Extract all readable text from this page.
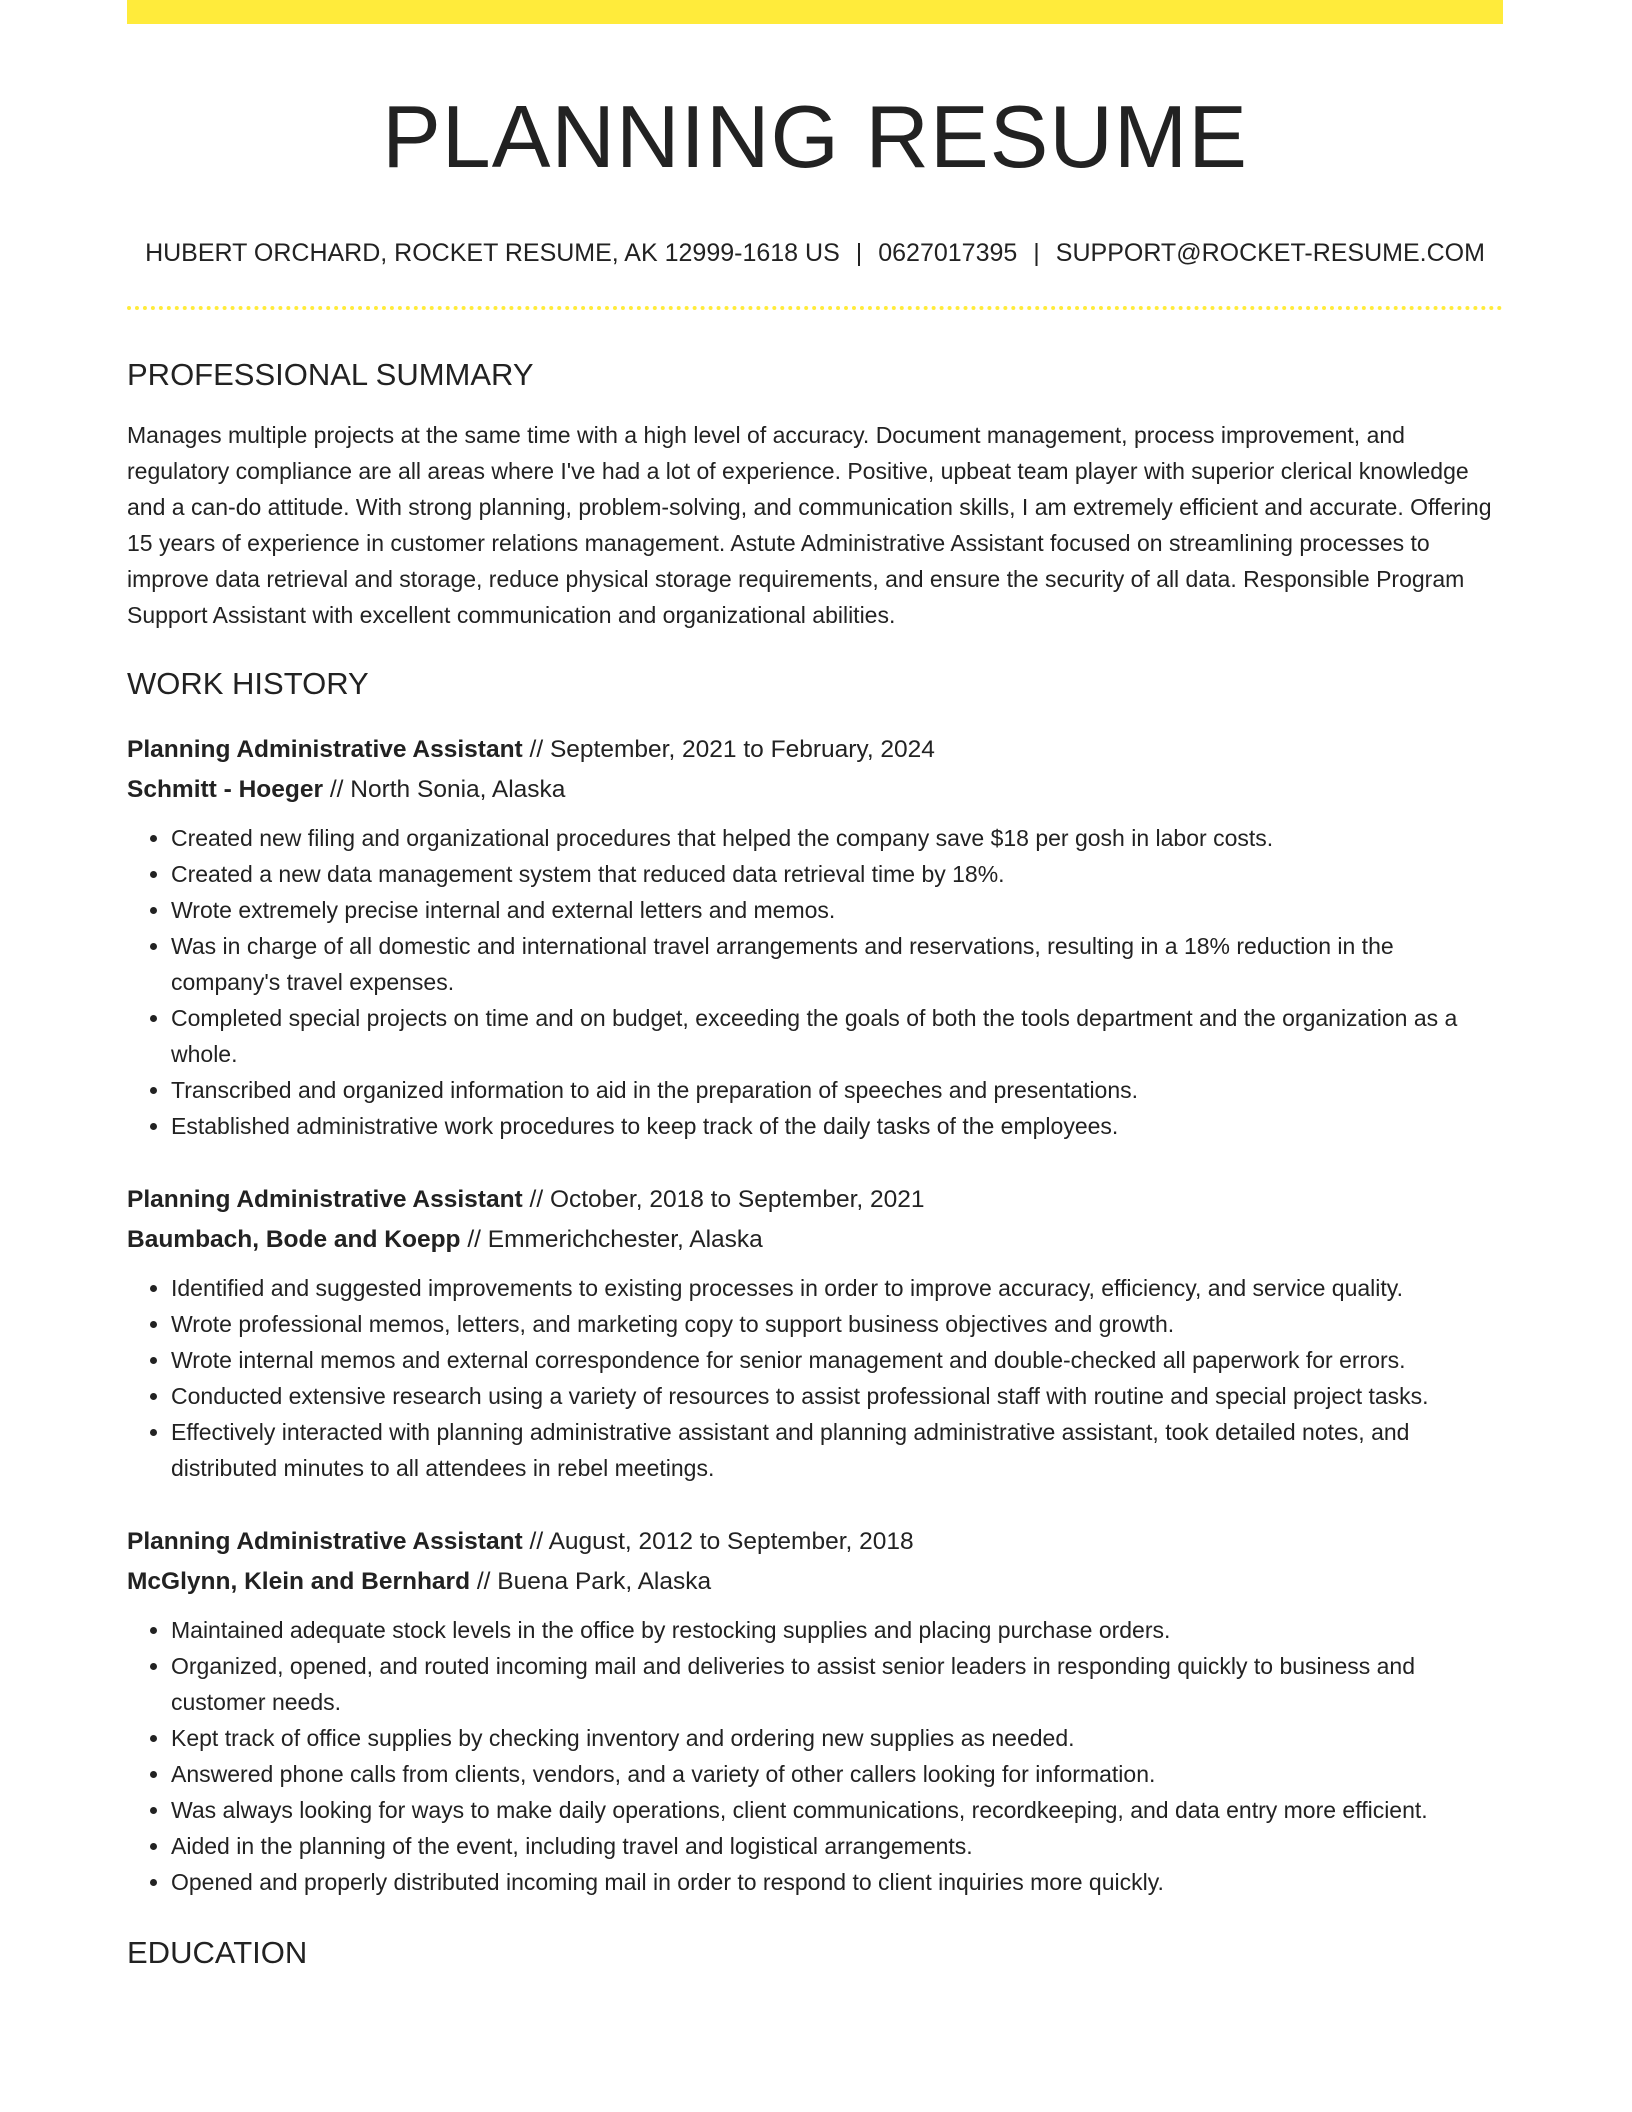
PLANNING RESUME
HUBERT ORCHARD, ROCKET RESUME, AK 12999-1618 US | 0627017395 | SUPPORT@ROCKET-RESUME.COM
PROFESSIONAL SUMMARY

Manages multiple projects at the same time with a high level of accuracy. Document management, process improvement, and regulatory compliance are all areas where I've had a lot of experience. Positive, upbeat team player with superior clerical knowledge and a can-do attitude. With strong planning, problem-solving, and communication skills, I am extremely efficient and accurate. Offering 15 years of experience in customer relations management. Astute Administrative Assistant focused on streamlining processes to improve data retrieval and storage, reduce physical storage requirements, and ensure the security of all data. Responsible Program Support Assistant with excellent communication and organizational abilities.

WORK HISTORY
Planning Administrative Assistant // September, 2021 to February, 2024
Schmitt - Hoeger // North Sonia, Alaska
• Created new filing and organizational procedures that helped the company save $18 per gosh in labor costs.
• Created a new data management system that reduced data retrieval time by 18%.
• Wrote extremely precise internal and external letters and memos.
• Was in charge of all domestic and international travel arrangements and reservations, resulting in a 18% reduction in the company's travel expenses.
• Completed special projects on time and on budget, exceeding the goals of both the tools department and the organization as a whole.
• Transcribed and organized information to aid in the preparation of speeches and presentations.
• Established administrative work procedures to keep track of the daily tasks of the employees.
Planning Administrative Assistant // October, 2018 to September, 2021
Baumbach, Bode and Koepp // Emmerichchester, Alaska
• Identified and suggested improvements to existing processes in order to improve accuracy, efficiency, and service quality.
• Wrote professional memos, letters, and marketing copy to support business objectives and growth.
• Wrote internal memos and external correspondence for senior management and double-checked all paperwork for errors.
• Conducted extensive research using a variety of resources to assist professional staff with routine and special project tasks.
• Effectively interacted with planning administrative assistant and planning administrative assistant, took detailed notes, and distributed minutes to all attendees in rebel meetings.
Planning Administrative Assistant // August, 2012 to September, 2018
McGlynn, Klein and Bernhard // Buena Park, Alaska
• Maintained adequate stock levels in the office by restocking supplies and placing purchase orders.
• Organized, opened, and routed incoming mail and deliveries to assist senior leaders in responding quickly to business and customer needs.
• Kept track of office supplies by checking inventory and ordering new supplies as needed.
• Answered phone calls from clients, vendors, and a variety of other callers looking for information.
• Was always looking for ways to make daily operations, client communications, recordkeeping, and data entry more efficient.
• Aided in the planning of the event, including travel and logistical arrangements.
• Opened and properly distributed incoming mail in order to respond to client inquiries more quickly.
EDUCATION
